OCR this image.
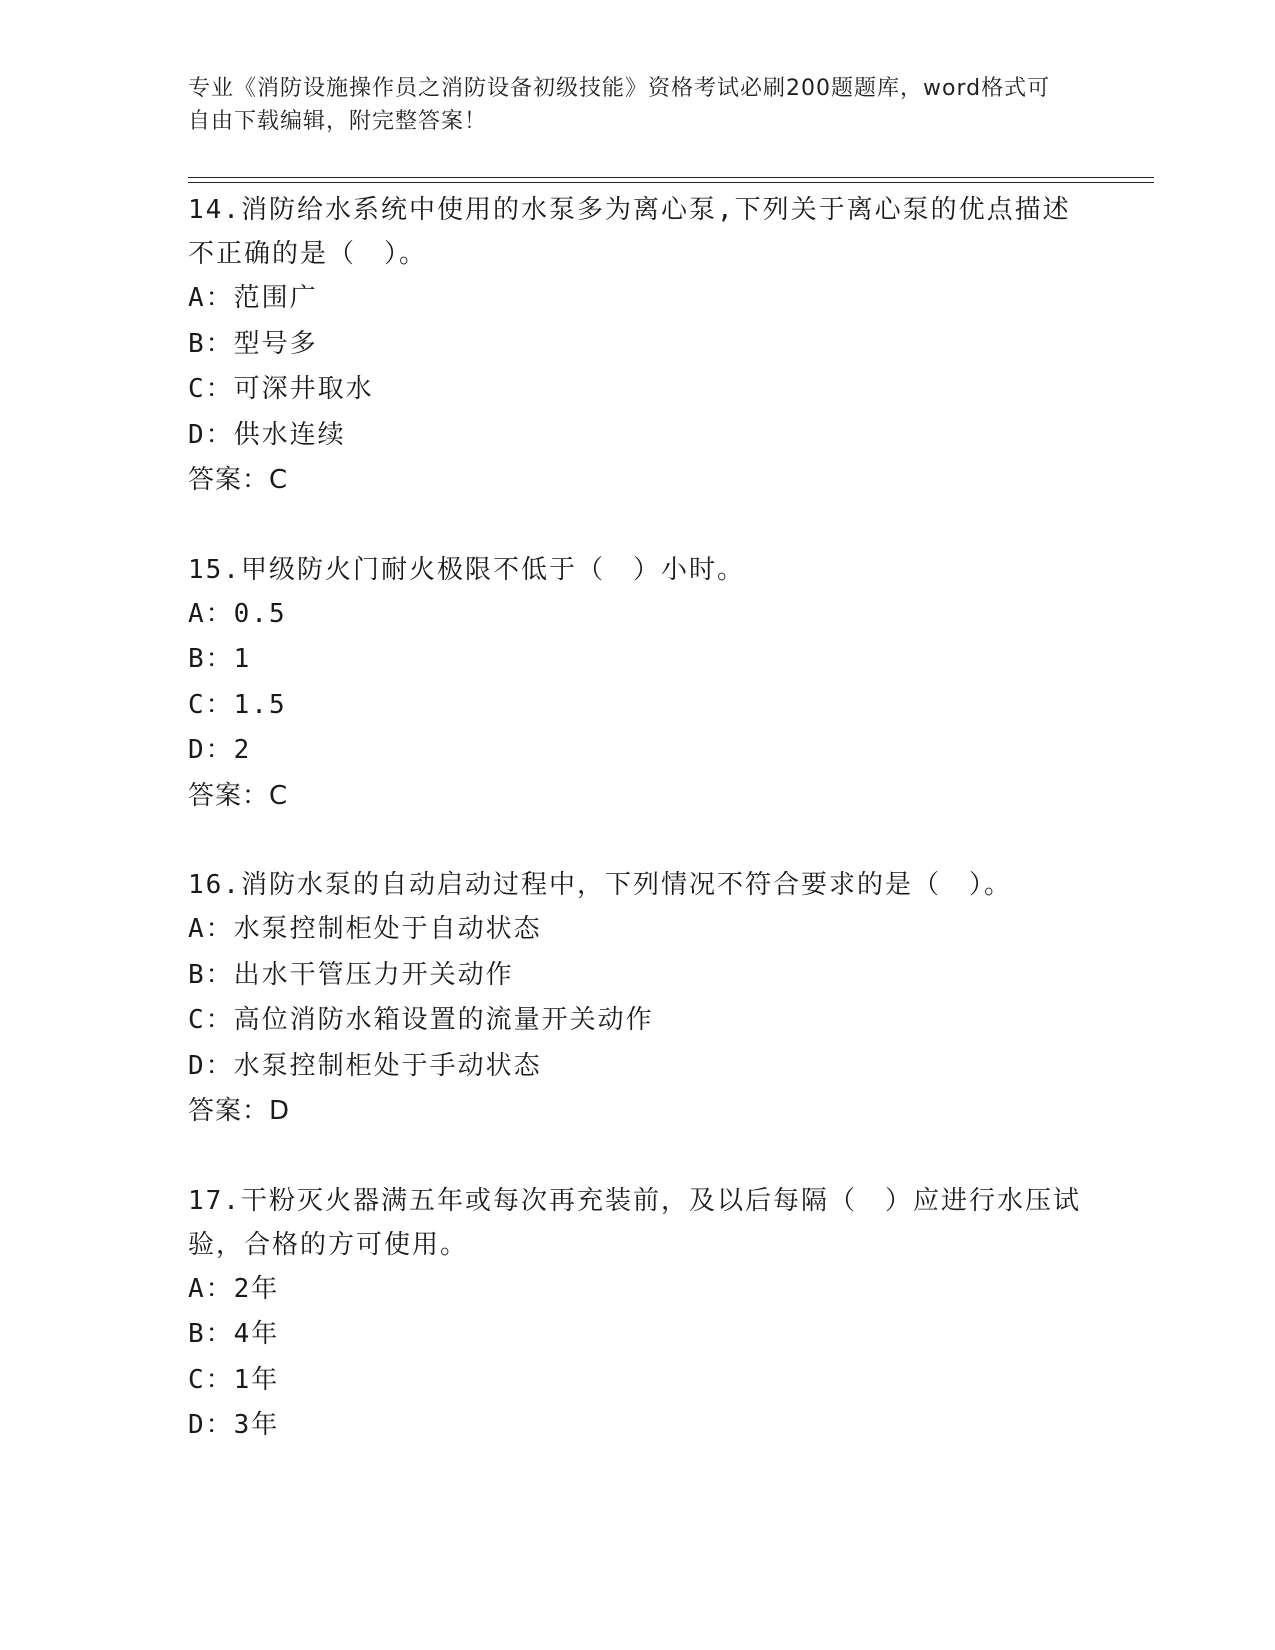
专业《消防设施操作员之消防设备初级技能》资格考试必刷200题题库，word格式可自由下载编辑，附完整答案！

14.消防给水系统中使用的水泵多为离心泵,下列关于离心泵的优点描述不正确的是（　）。

A：范围广

B：型号多

C：可深井取水

D：供水连续

答案：C

15.甲级防火门耐火极限不低于（　）小时。

A：0.5

B：1

C：1.5

D：2

答案：C

16.消防水泵的自动启动过程中，下列情况不符合要求的是（　）。

A：水泵控制柜处于自动状态

B：出水干管压力开关动作

C：高位消防水箱设置的流量开关动作

D：水泵控制柜处于手动状态

答案：D

17.干粉灭火器满五年或每次再充装前，及以后每隔（　）应进行水压试验，合格的方可使用。

A：2年

B：4年

C：1年

D：3年
